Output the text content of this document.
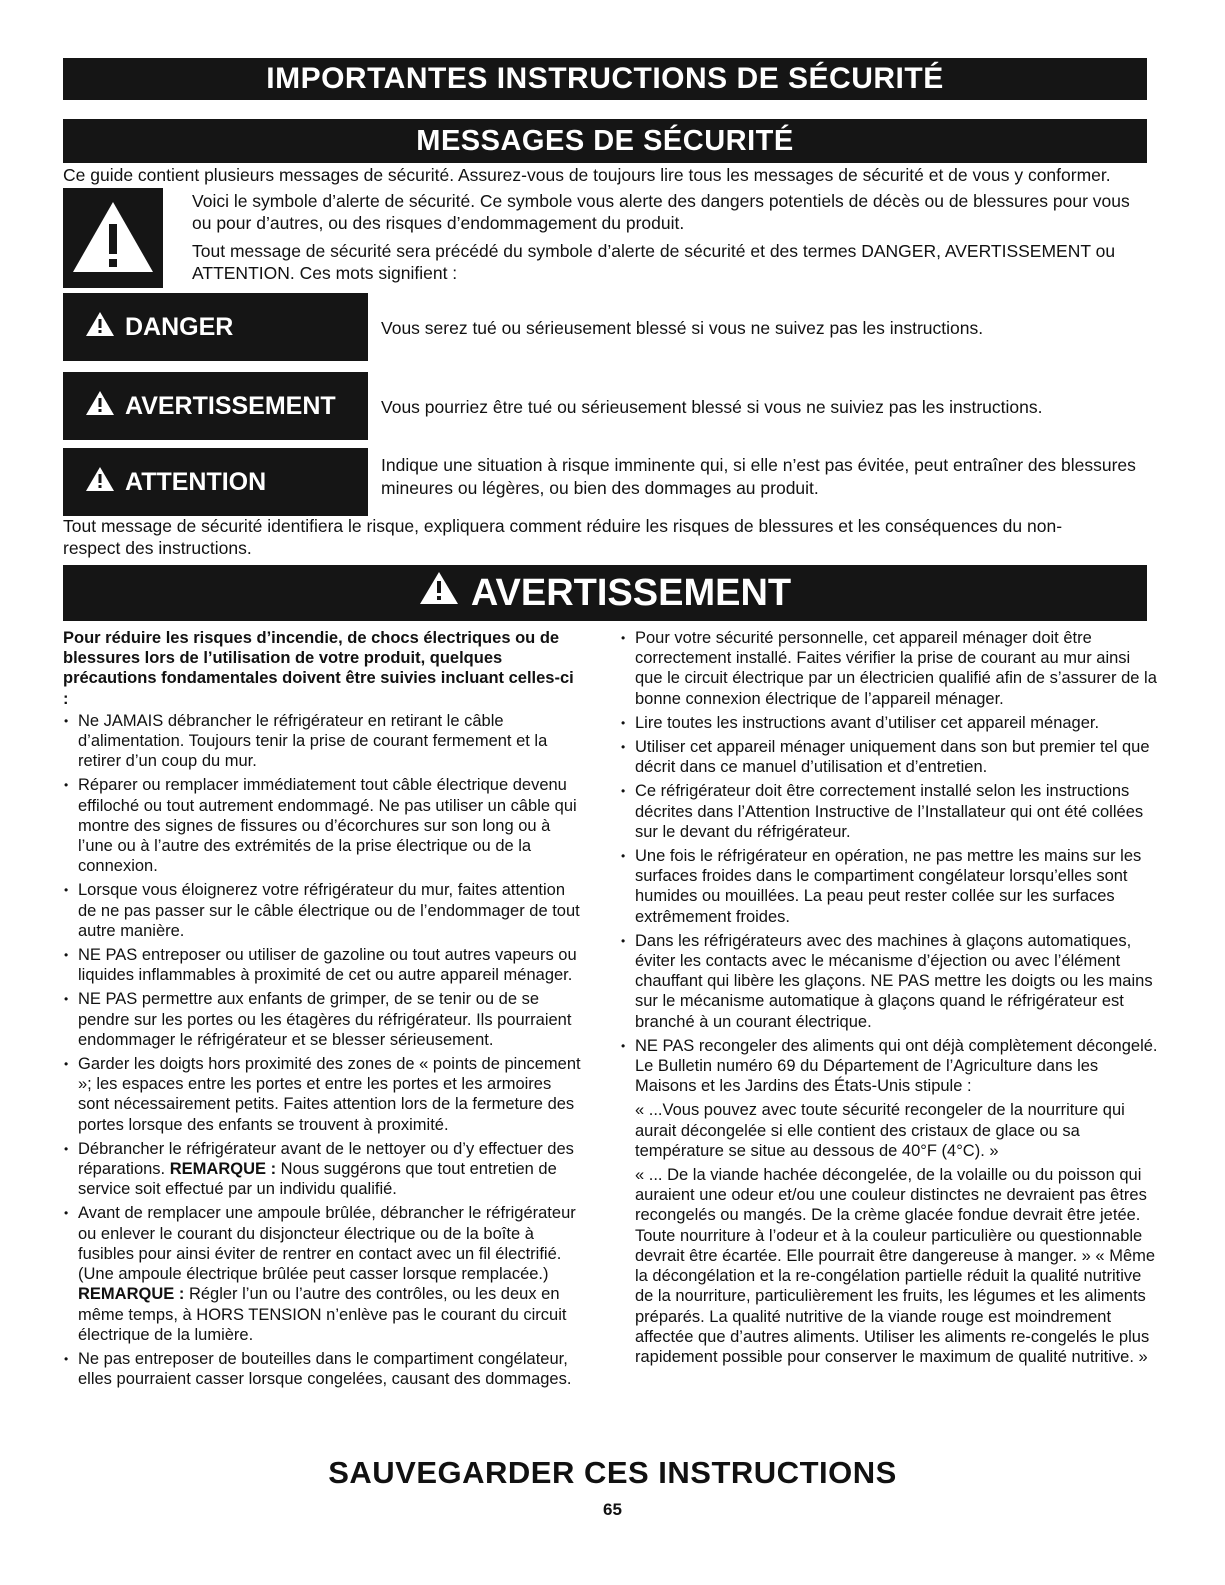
IMPORTANTES INSTRUCTIONS DE SÉCURITÉ
MESSAGES DE SÉCURITÉ
Ce guide contient plusieurs messages de sécurité. Assurez-vous de toujours lire tous les messages de sécurité et de vous y conformer.

Voici le symbole d’alerte de sécurité. Ce symbole vous alerte des dangers potentiels de décès ou de blessures pour vous ou pour d’autres, ou des risques d’endommagement du produit.

Tout message de sécurité sera précédé du symbole d’alerte de sécurité et des termes DANGER, AVERTISSEMENT ou ATTENTION. Ces mots signifient :

DANGER	Vous serez tué ou sérieusement blessé si vous ne suivez pas les instructions.
AVERTISSEMENT	Vous pourriez être tué ou sérieusement blessé si vous ne suiviez pas les instructions.
ATTENTION
Indique une situation à risque imminente qui, si elle n’est pas évitée, peut entraîner des blessures mineures ou légères, ou bien des dommages au produit.
Tout message de sécurité identifiera le risque, expliquera comment réduire les risques de blessures et les conséquences du non-respect des instructions.
AVERTISSEMENT

Pour réduire les risques d’incendie, de chocs électriques ou de blessures lors de l’utilisation de votre produit, quelques précautions fondamentales doivent être suivies incluant celles-ci :

• Ne JAMAIS débrancher le réfrigérateur en retirant le câble d’alimentation. Toujours tenir la prise de courant fermement et la retirer d’un coup du mur.
• Réparer ou remplacer immédiatement tout câble électrique devenu effiloché ou tout autrement endommagé. Ne pas utiliser un câble qui montre des signes de fissures ou d’écorchures sur son long ou à l’une ou à l’autre des extrémités de la prise électrique ou de la connexion.
• Lorsque vous éloignerez votre réfrigérateur du mur, faites attention de ne pas passer sur le câble électrique ou de l’endommager de tout autre manière.
• NE PAS entreposer ou utiliser de gazoline ou tout autres vapeurs ou liquides inflammables à proximité de cet ou autre appareil ménager.
• NE PAS permettre aux enfants de grimper, de se tenir ou de se pendre sur les portes ou les étagères du réfrigérateur. Ils pourraient endommager le réfrigérateur et se blesser sérieusement.
• Garder les doigts hors proximité des zones de « points de pincement »; les espaces entre les portes et entre les portes et les armoires sont nécessairement petits. Faites attention lors de la fermeture des portes lorsque des enfants se trouvent à proximité.
• Débrancher le réfrigérateur avant de le nettoyer ou d’y effectuer des réparations. REMARQUE : Nous suggérons que tout entretien de service soit effectué par un individu qualifié.
• Avant de remplacer une ampoule brûlée, débrancher le réfrigérateur ou enlever le courant du disjoncteur électrique ou de la boîte à fusibles pour ainsi éviter de rentrer en contact avec un fil électrifié. (Une ampoule électrique brûlée peut casser lorsque remplacée.) REMARQUE : Régler l’un ou l’autre des contrôles, ou les deux en même temps, à HORS TENSION n’enlève pas le courant du circuit électrique de la lumière.
• Ne pas entreposer de bouteilles dans le compartiment congélateur, elles pourraient casser lorsque congelées, causant des dommages.
• Pour votre sécurité personnelle, cet appareil ménager doit être correctement installé. Faites vérifier la prise de courant au mur ainsi que le circuit électrique par un électricien qualifié afin de s’assurer de la bonne connexion électrique de l’appareil ménager.
• Lire toutes les instructions avant d’utiliser cet appareil ménager.
• Utiliser cet appareil ménager uniquement dans son but premier tel que décrit dans ce manuel d’utilisation et d’entretien.
• Ce réfrigérateur doit être correctement installé selon les instructions décrites dans l’Attention Instructive de l’Installateur qui ont été collées sur le devant du réfrigérateur.
• Une fois le réfrigérateur en opération, ne pas mettre les mains sur les surfaces froides dans le compartiment congélateur lorsqu’elles sont humides ou mouillées. La peau peut rester collée sur les surfaces extrêmement froides.
• Dans les réfrigérateurs avec des machines à glaçons automatiques, éviter les contacts avec le mécanisme d’éjection ou avec l’élément chauffant qui libère les glaçons. NE PAS mettre les doigts ou les mains sur le mécanisme automatique à glaçons quand le réfrigérateur est branché à un courant électrique.
• NE PAS recongeler des aliments qui ont déjà complètement décongelé. Le Bulletin numéro 69 du Département de l’Agriculture dans les Maisons et les Jardins des États-Unis stipule :
« ...Vous pouvez avec toute sécurité recongeler de la nourriture qui aurait décongelée si elle contient des cristaux de glace ou sa température se situe au dessous de 40°F (4°C). »
« ... De la viande hachée décongelée, de la volaille ou du poisson qui auraient une odeur et/ou une couleur distinctes ne devraient pas êtres recongelés ou mangés. De la crème glacée fondue devrait être jetée. Toute nourriture à l’odeur et à la couleur particulière ou questionnable devrait être écartée. Elle pourrait être dangereuse à manger. » « Même la décongélation et la re-congélation partielle réduit la qualité nutritive de la nourriture, particulièrement les fruits, les légumes et les aliments préparés. La qualité nutritive de la viande rouge est moindrement affectée que d’autres aliments. Utiliser les aliments re-congelés le plus rapidement possible pour conserver le maximum de qualité nutritive. »
SAUVEGARDER CES INSTRUCTIONS
65
